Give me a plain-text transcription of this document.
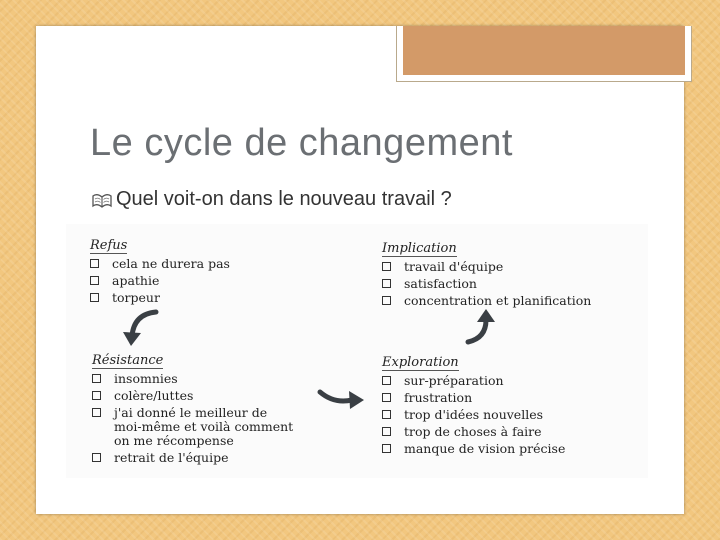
Le cycle de changement
Quel voit-on dans le nouveau travail ?
Refus
cela ne durera pas
apathie
torpeur
Implication
travail d'équipe
satisfaction
concentration et planification
Résistance
insomnies
colère/luttes
j'ai donné le meilleur de
moi-même et voilà comment
on me récompense
retrait de l'équipe
Exploration
sur-préparation
frustration
trop d'idées nouvelles
trop de choses à faire
manque de vision précise
